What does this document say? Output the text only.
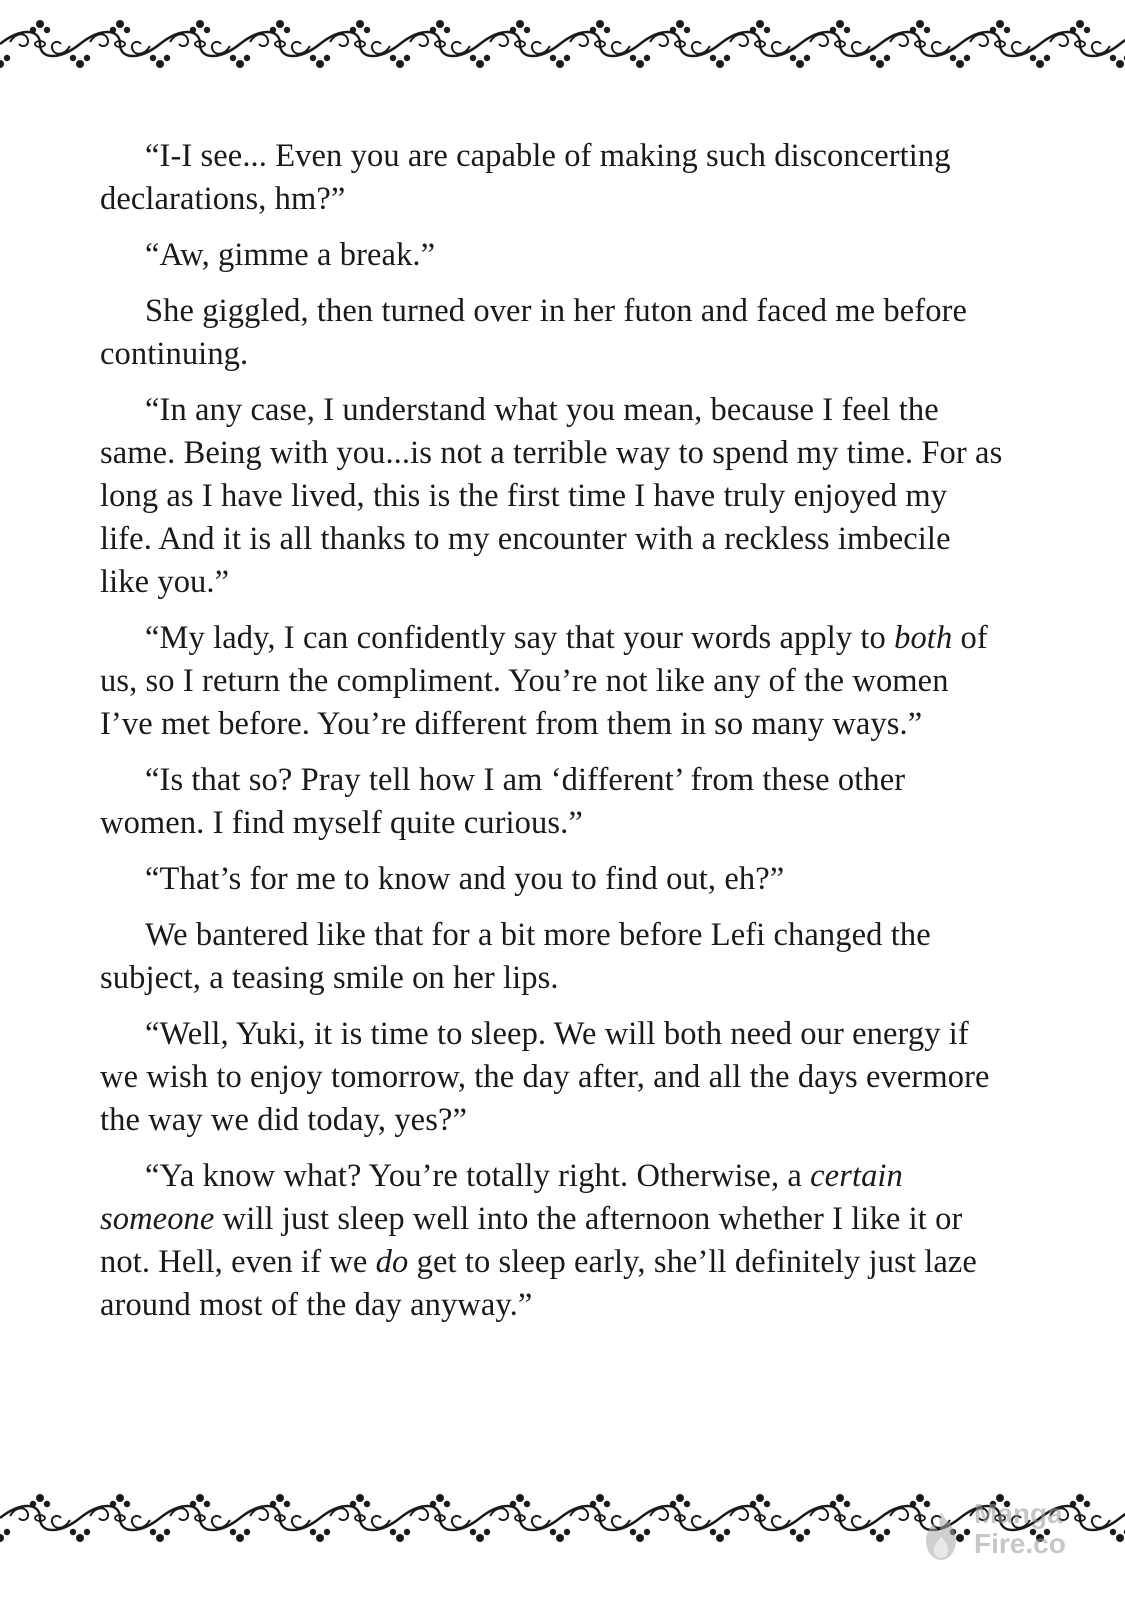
“I-I see... Even you are capable of making such disconcerting declarations, hm?”

“Aw, gimme a break.”

She giggled, then turned over in her futon and faced me before continuing.

“In any case, I understand what you mean, because I feel the same. Being with you...is not a terrible way to spend my time. For as long as I have lived, this is the first time I have truly enjoyed my life. And it is all thanks to my encounter with a reckless imbecile like you.”

“My lady, I can confidently say that your words apply to both of us, so I return the compliment. You’re not like any of the women I’ve met before. You’re different from them in so many ways.”

“Is that so? Pray tell how I am ‘different’ from these other women. I find myself quite curious.”

“That’s for me to know and you to find out, eh?”

We bantered like that for a bit more before Lefi changed the subject, a teasing smile on her lips.

“Well, Yuki, it is time to sleep. We will both need our energy if we wish to enjoy tomorrow, the day after, and all the days evermore the way we did today, yes?”

“Ya know what? You’re totally right. Otherwise, a certain someone will just sleep well into the afternoon whether I like it or not. Hell, even if we do get to sleep early, she’ll definitely just laze around most of the day anyway.”

Manga
Fire.co
